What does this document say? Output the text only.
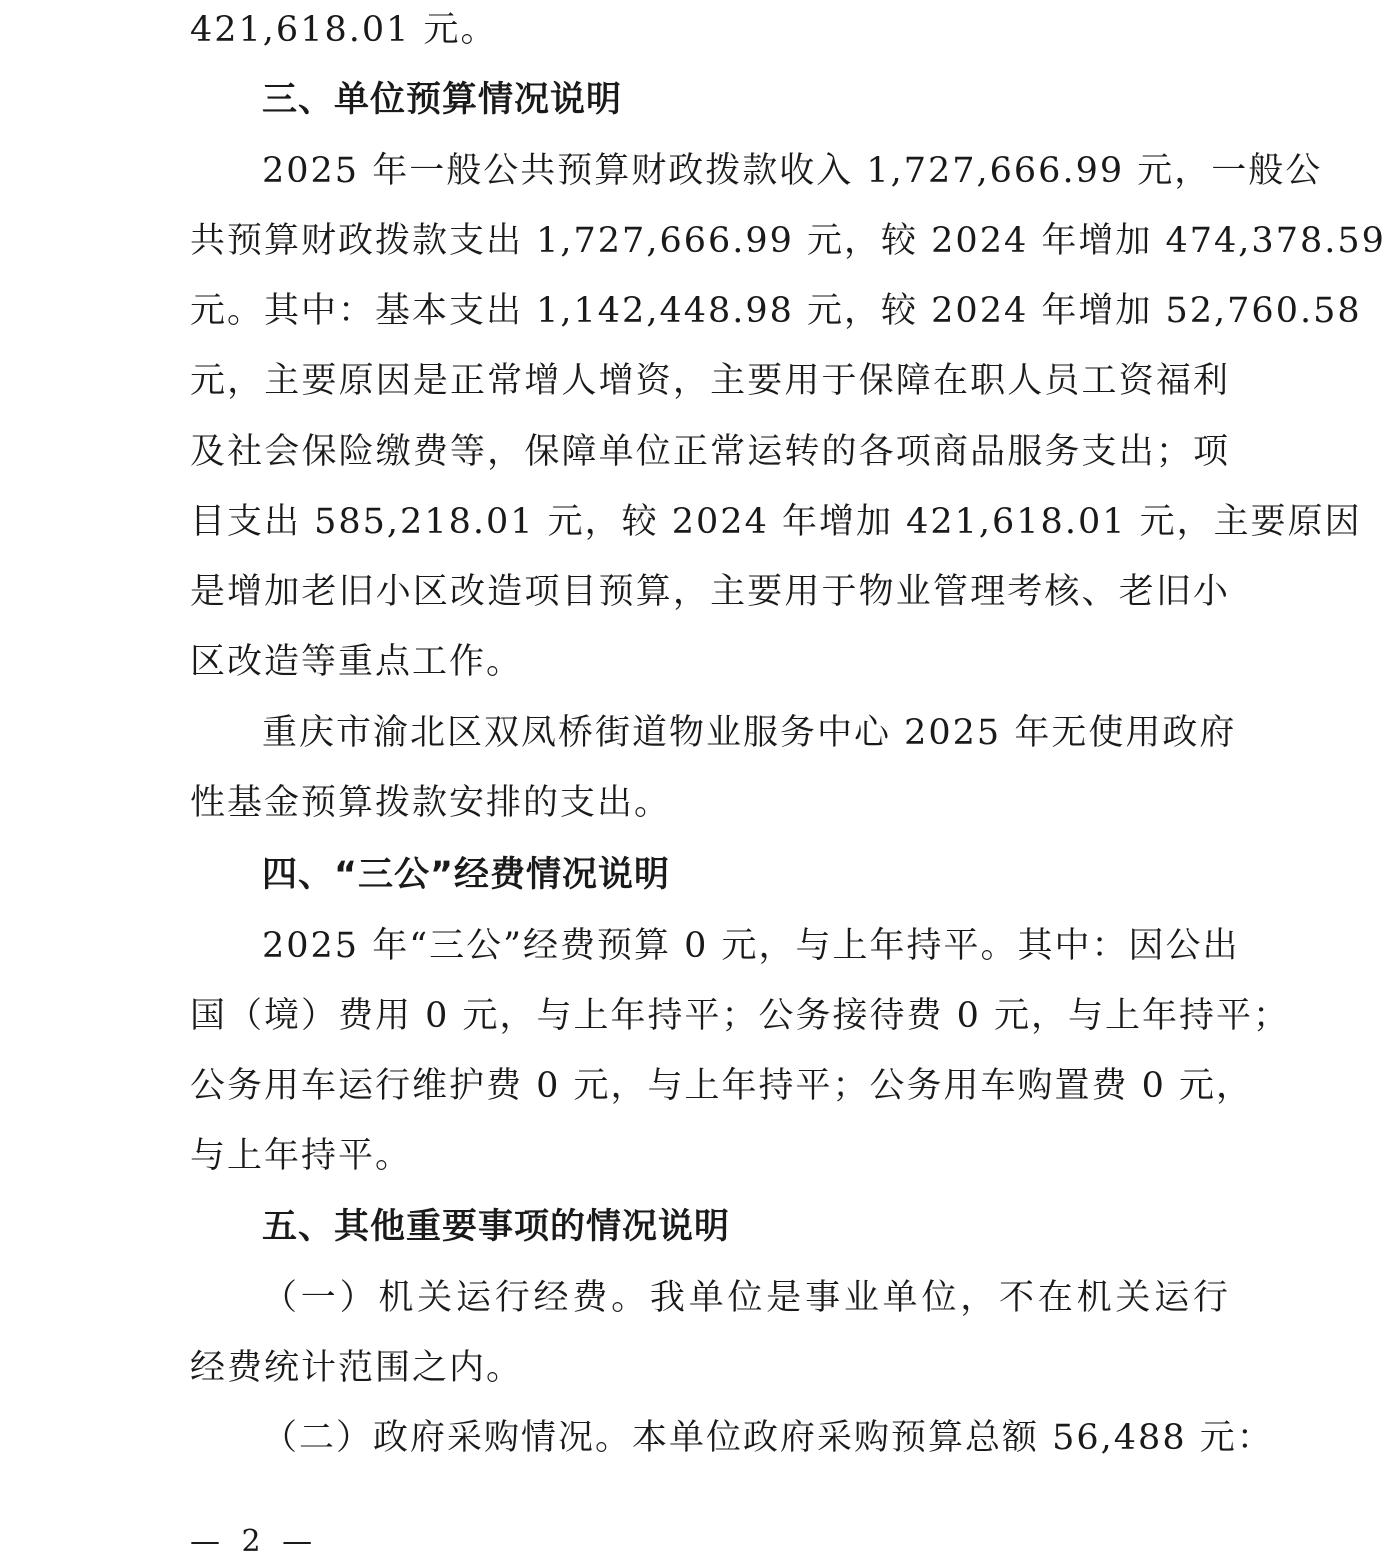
421,618.01 元。
三、单位预算情况说明
2025 年一般公共预算财政拨款收入 1,727,666.99 元，一般公
共预算财政拨款支出 1,727,666.99 元，较 2024 年增加 474,378.59
元。其中：基本支出 1,142,448.98 元，较 2024 年增加 52,760.58
元，主要原因是正常增人增资，主要用于保障在职人员工资福利
及社会保险缴费等，保障单位正常运转的各项商品服务支出；项
目支出 585,218.01 元，较 2024 年增加 421,618.01 元，主要原因
是增加老旧小区改造项目预算，主要用于物业管理考核、老旧小
区改造等重点工作。
重庆市渝北区双凤桥街道物业服务中心 2025 年无使用政府
性基金预算拨款安排的支出。
四、“三公”经费情况说明
2025 年“三公”经费预算 0 元，与上年持平。其中：因公出
国（境）费用 0 元，与上年持平；公务接待费 0 元，与上年持平；
公务用车运行维护费 0 元，与上年持平；公务用车购置费 0 元，
与上年持平。
五、其他重要事项的情况说明
（一）机关运行经费。我单位是事业单位，不在机关运行
经费统计范围之内。
（二）政府采购情况。本单位政府采购预算总额 56,488 元：
— 2 —
